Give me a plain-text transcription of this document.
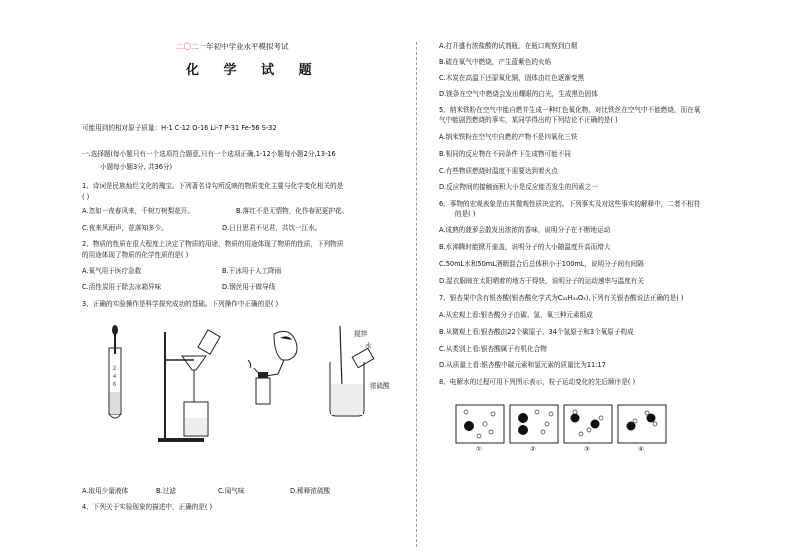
二〇二一年初中学业水平模拟考试
化 学 试 题
可能用到的相对原子质量：H-1 C-12 O-16 Li-7 P-31 Fe-56 S-32
一.选择题(每小题只有一个选项符合题意,只有一个选项正确,1-12小题每小题2分,13-16
小题每小题3分, 共36分)
1、诗词是民族灿烂文化的瑰宝。下列著名诗句所反映的物质变化主要与化学变化相关的是
( )
A.忽如一夜春风来，千树万树梨花开。	B.落红不是无情物，化作春泥更护花。
C.夜来风雨声，花落知多少。	D.日日思君不见君，共饮一江水。
2、物质的性质在很大程度上决定了物质的用途，物质的用途体现了物质的性质，下列物质
的用途体现了物质的化学性质的是( )
A.氧气用于医疗急救	B.干冰用于人工降雨
C.活性炭用于除去冰箱异味	D.钢丝用于做导线
3、正确的实验操作是科学探究成功的基础。下列操作中正确的是( )
2
4
6
搅拌
水
浓硫酸
A.取用少量液体	B.过滤	C.闻气味	D.稀释浓硫酸
4、下列关于实验现象的描述中，正确的是( )
A.打开盛有浓盐酸的试剂瓶，在瓶口观察到白烟
B.硫在氧气中燃烧，产生蓝紫色的火焰
C.木炭在高温下还原氧化铜，固体由红色逐渐变黑
D.镁条在空气中燃烧会发出耀眼的白光，生成黑色固体
5、纳米铁粉在空气中能自燃并生成一种红色氧化物。对比铁丝在空气中不能燃烧，而在氧
气中能剧烈燃烧的事实，某同学得出的下列结论不正确的是( )
A.纳米铁粉在空气中自燃的产物不是四氧化三铁
B.相同的反应物在不同条件下生成物可能不同
C.有些物质燃烧时温度不需要达到着火点
D.反应物间的接触面积大小是反应能否发生的因素之一
6、事物的宏观表象是由其微观性质决定的。下列事实及对这些事实的解释中，二者不相符
的是( )
A.成熟的菠萝会散发出浓浓的香味，说明分子在不断地运动
B.水沸腾时能掀开壶盖，说明分子的大小随温度升高而增大
C.50mL水和50mL酒精混合后总体积小于100mL，说明分子间有间隔
D.湿衣服晾在太阳晒着的地方干得快，说明分子的运动速率与温度有关
7、银杏果中含有银杏酸(银杏酸化学式为C₂₂H₃₄O₃),下列有关银杏酸说法正确的是( )
A.从宏观上看:银杏酸分子由碳、氢、氧三种元素组成
B.从微观上看:银杏酸由22个碳原子、34个氢原子和3个氧原子构成
C.从类别上看:银杏酸属于有机化合物
D.从质量上看:银杏酸中碳元素和氢元素的质量比为11:17
8、电解水的过程可用下列图示表示，粒子运动变化的先后顺序是( )
①	②	③	④
